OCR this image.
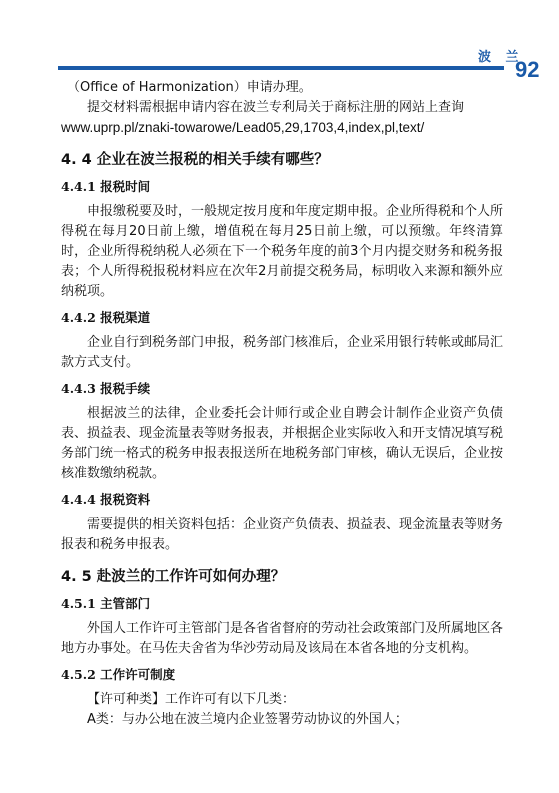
波 兰
92

（Office of Harmonization）申请办理。

提交材料需根据申请内容在波兰专利局关于商标注册的网站上查询

www.uprp.pl/znaki-towarowe/Lead05,29,1703,4,index,pl,text/

4. 4 企业在波兰报税的相关手续有哪些？
4.4.1 报税时间

申报缴税要及时，一般规定按月度和年度定期申报。企业所得税和个人所得税在每月20日前上缴，增值税在每月25日前上缴，可以预缴。年终清算时，企业所得税纳税人必须在下一个税务年度的前3个月内提交财务和税务报表；个人所得税报税材料应在次年2月前提交税务局，标明收入来源和额外应纳税项。

4.4.2 报税渠道

企业自行到税务部门申报，税务部门核准后，企业采用银行转帐或邮局汇款方式支付。

4.4.3 报税手续

根据波兰的法律，企业委托会计师行或企业自聘会计制作企业资产负债表、损益表、现金流量表等财务报表，并根据企业实际收入和开支情况填写税务部门统一格式的税务申报表报送所在地税务部门审核，确认无误后，企业按核准数缴纳税款。

4.4.4 报税资料

需要提供的相关资料包括：企业资产负债表、损益表、现金流量表等财务报表和税务申报表。

4. 5 赴波兰的工作许可如何办理？
4.5.1 主管部门

外国人工作许可主管部门是各省省督府的劳动社会政策部门及所属地区各地方办事处。在马佐夫舍省为华沙劳动局及该局在本省各地的分支机构。

4.5.2 工作许可制度

【许可种类】工作许可有以下几类：

A类：与办公地在波兰境内企业签署劳动协议的外国人；
